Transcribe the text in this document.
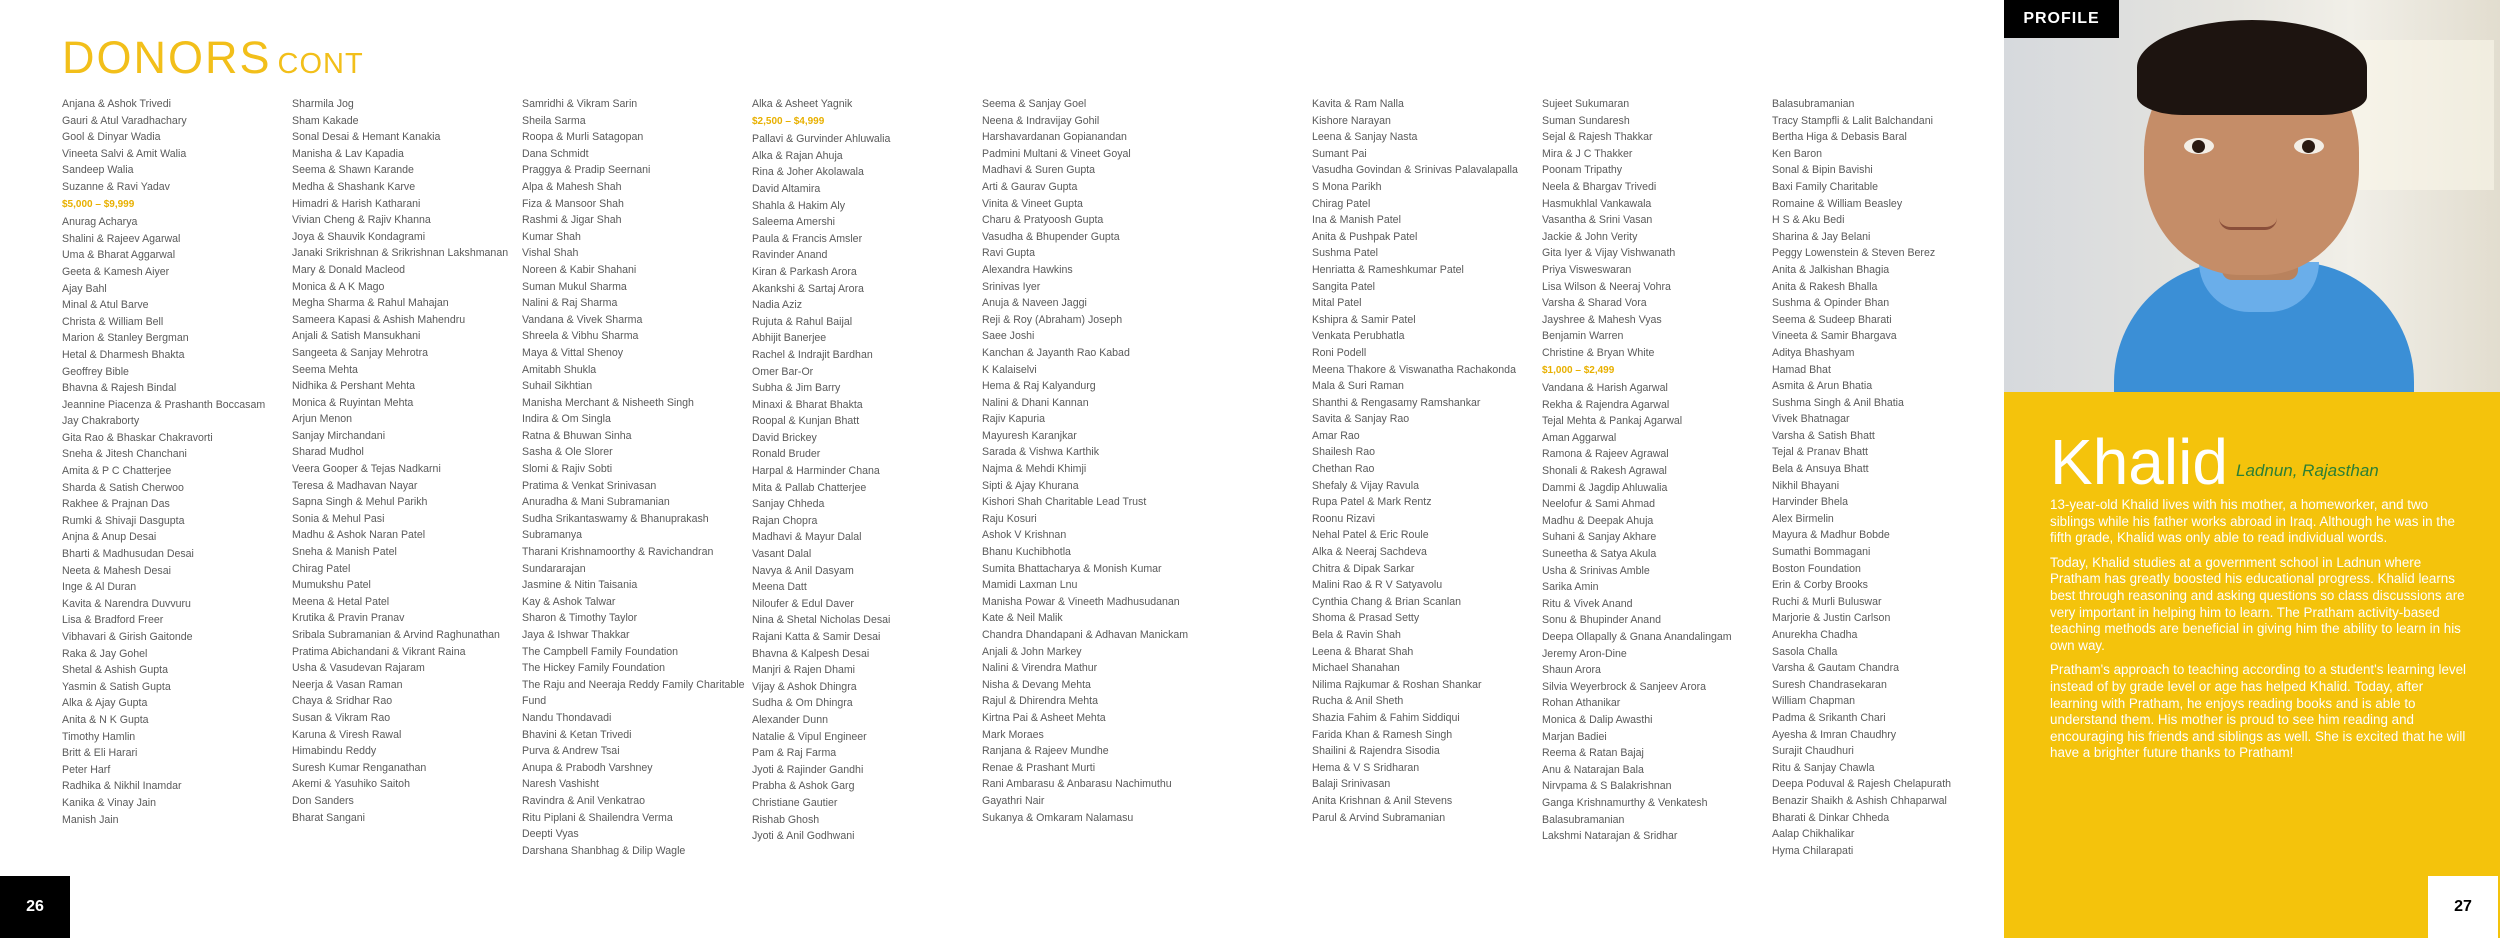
DONORS CONT
Anjana & Ashok Trivedi
Gauri & Atul Varadhachary
Gool & Dinyar Wadia
Vineeta Salvi & Amit Walia
Sandeep Walia
Suzanne & Ravi Yadav
$5,000 – $9,999
Anurag Acharya
Shalini & Rajeev Agarwal
Uma & Bharat Aggarwal
Geeta & Kamesh Aiyer
Ajay Bahl
Minal & Atul Barve
Christa & William Bell
Marion & Stanley Bergman
Hetal & Dharmesh Bhakta
Geoffrey Bible
Bhavna & Rajesh Bindal
Jeannine Piacenza & Prashanth Boccasam
Jay Chakraborty
Gita Rao & Bhaskar Chakravorti
Sneha & Jitesh Chanchani
Amita & P C Chatterjee
Sharda & Satish Cherwoo
Rakhee & Prajnan Das
Rumki & Shivaji Dasgupta
Anjna & Anup Desai
Bharti & Madhusudan Desai
Neeta & Mahesh Desai
Inge & Al Duran
Kavita & Narendra Duvvuru
Lisa & Bradford Freer
Vibhavari & Girish Gaitonde
Raka & Jay Gohel
Shetal & Ashish Gupta
Yasmin & Satish Gupta
Alka & Ajay Gupta
Anita & N K Gupta
Timothy Hamlin
Britt & Eli Harari
Peter Harf
Radhika & Nikhil Inamdar
Kanika & Vinay Jain
Manish Jain
Sharmila Jog
Sham Kakade
Sonal Desai & Hemant Kanakia
Manisha & Lav Kapadia
Seema & Shawn Karande
Medha & Shashank Karve
Himadri & Harish Katharani
Vivian Cheng & Rajiv Khanna
Joya & Shauvik Kondagrami
Janaki Srikrishnan & Srikrishnan Lakshmanan
Mary & Donald Macleod
Monica & A K Mago
Megha Sharma & Rahul Mahajan
Sameera Kapasi & Ashish Mahendru
Anjali & Satish Mansukhani
Sangeeta & Sanjay Mehrotra
Seema Mehta
Nidhika & Pershant Mehta
Monica & Ruyintan Mehta
Arjun Menon
Sanjay Mirchandani
Sharad Mudhol
Veera Gooper & Tejas Nadkarni
Teresa & Madhavan Nayar
Sapna Singh & Mehul Parikh
Sonia & Mehul Pasi
Madhu & Ashok Naran Patel
Sneha & Manish Patel
Chirag Patel
Mumukshu Patel
Meena & Hetal Patel
Krutika & Pravin Pranav
Sribala Subramanian & Arvind Raghunathan
Pratima Abichandani & Vikrant Raina
Usha & Vasudevan Rajaram
Neerja & Vasan Raman
Chaya & Sridhar Rao
Susan & Vikram Rao
Karuna & Viresh Rawal
Himabindu Reddy
Suresh Kumar Renganathan
Akemi & Yasuhiko Saitoh
Don Sanders
Bharat Sangani
Samridhi & Vikram Sarin
Sheila Sarma
Roopa & Murli Satagopan
Dana Schmidt
Praggya & Pradip Seernani
Alpa & Mahesh Shah
Fiza & Mansoor Shah
Rashmi & Jigar Shah
Kumar Shah
Vishal Shah
Noreen & Kabir Shahani
Suman Mukul Sharma
Nalini & Raj Sharma
Vandana & Vivek Sharma
Shreela & Vibhu Sharma
Maya & Vittal Shenoy
Amitabh Shukla
Suhail Sikhtian
Manisha Merchant & Nisheeth Singh
Indira & Om Singla
Ratna & Bhuwan Sinha
Sasha & Ole Slorer
Slomi & Rajiv Sobti
Pratima & Venkat Srinivasan
Anuradha & Mani Subramanian
Sudha Srikantaswamy & Bhanuprakash Subramanya
Tharani Krishnamoorthy & Ravichandran Sundararajan
Jasmine & Nitin Taisania
Kay & Ashok Talwar
Sharon & Timothy Taylor
Jaya & Ishwar Thakkar
The Campbell Family Foundation
The Hickey Family Foundation
The Raju and Neeraja Reddy Family Charitable Fund
Nandu Thondavadi
Bhavini & Ketan Trivedi
Purva & Andrew Tsai
Anupa & Prabodh Varshney
Naresh Vashisht
Ravindra & Anil Venkatrao
Ritu Piplani & Shailendra Verma
Deepti Vyas
Darshana Shanbhag & Dilip Wagle
Alka & Asheet Yagnik
$2,500 – $4,999
Pallavi & Gurvinder Ahluwalia
Alka & Rajan Ahuja
Rina & Joher Akolawala
David Altamira
Shahla & Hakim Aly
Saleema Amershi
Paula & Francis Amsler
Ravinder Anand
Kiran & Parkash Arora
Akankshi & Sartaj Arora
Nadia Aziz
Rujuta & Rahul Baijal
Abhijit Banerjee
Rachel & Indrajit Bardhan
Omer Bar-Or
Subha & Jim Barry
Minaxi & Bharat Bhakta
Roopal & Kunjan Bhatt
David Brickey
Ronald Bruder
Harpal & Harminder Chana
Mita & Pallab Chatterjee
Sanjay Chheda
Rajan Chopra
Madhavi & Mayur Dalal
Vasant Dalal
Navya & Anil Dasyam
Meena Datt
Niloufer & Edul Daver
Nina & Shetal Nicholas Desai
Rajani Katta & Samir Desai
Bhavna & Kalpesh Desai
Manjri & Rajen Dhami
Vijay & Ashok Dhingra
Sudha & Om Dhingra
Alexander Dunn
Natalie & Vipul Engineer
Pam & Raj Farma
Jyoti & Rajinder Gandhi
Prabha & Ashok Garg
Christiane Gautier
Rishab Ghosh
Jyoti & Anil Godhwani
Seema & Sanjay Goel
Neena & Indravijay Gohil
Harshavardanan Gopianandan
Padmini Multani & Vineet Goyal
Madhavi & Suren Gupta
Arti & Gaurav Gupta
Vinita & Vineet Gupta
Charu & Pratyoosh Gupta
Vasudha & Bhupender Gupta
Ravi Gupta
Alexandra Hawkins
Srinivas Iyer
Anuja & Naveen Jaggi
Reji & Roy (Abraham) Joseph
Saee Joshi
Kanchan & Jayanth Rao Kabad
K Kalaiselvi
Hema & Raj Kalyandurg
Nalini & Dhani Kannan
Rajiv Kapuria
Mayuresh Karanjkar
Sarada & Vishwa Karthik
Najma & Mehdi Khimji
Sipti & Ajay Khurana
Kishori Shah Charitable Lead Trust
Raju Kosuri
Ashok V Krishnan
Bhanu Kuchibhotla
Sumita Bhattacharya & Monish Kumar
Mamidi Laxman Lnu
Manisha Powar & Vineeth Madhusudanan
Kate & Neil Malik
Chandra Dhandapani & Adhavan Manickam
Anjali & John Markey
Nalini & Virendra Mathur
Nisha & Devang Mehta
Rajul & Dhirendra Mehta
Kirtna Pai & Asheet Mehta
Mark Moraes
Ranjana & Rajeev Mundhe
Renae & Prashant Murti
Rani Ambarasu & Anbarasu Nachimuthu
Gayathri Nair
Sukanya & Omkaram Nalamasu
Kavita & Ram Nalla
Kishore Narayan
Leena & Sanjay Nasta
Sumant Pai
Vasudha Govindan & Srinivas Palavalapalla
S Mona Parikh
Chirag Patel
Ina & Manish Patel
Anita & Pushpak Patel
Sushma Patel
Henriatta & Rameshkumar Patel
Sangita Patel
Mital Patel
Kshipra & Samir Patel
Venkata Perubhatla
Roni Podell
Meena Thakore & Viswanatha Rachakonda
Mala & Suri Raman
Shanthi & Rengasamy Ramshankar
Savita & Sanjay Rao
Amar Rao
Shailesh Rao
Chethan Rao
Shefaly & Vijay Ravula
Rupa Patel & Mark Rentz
Roonu Rizavi
Nehal Patel & Eric Roule
Alka & Neeraj Sachdeva
Chitra & Dipak Sarkar
Malini Rao & R V Satyavolu
Cynthia Chang & Brian Scanlan
Shoma & Prasad Setty
Bela & Ravin Shah
Leena & Bharat Shah
Michael Shanahan
Nilima Rajkumar & Roshan Shankar
Rucha & Anil Sheth
Shazia Fahim & Fahim Siddiqui
Farida Khan & Ramesh Singh
Shailini & Rajendra Sisodia
Hema & V S Sridharan
Balaji Srinivasan
Anita Krishnan & Anil Stevens
Parul & Arvind Subramanian
Sujeet Sukumaran
Suman Sundaresh
Sejal & Rajesh Thakkar
Mira & J C Thakker
Poonam Tripathy
Neela & Bhargav Trivedi
Hasmukhlal Vankawala
Vasantha & Srini Vasan
Jackie & John Verity
Gita Iyer & Vijay Vishwanath
Priya Visweswaran
Lisa Wilson & Neeraj Vohra
Varsha & Sharad Vora
Jayshree & Mahesh Vyas
Benjamin Warren
Christine & Bryan White
$1,000 – $2,499
Vandana & Harish Agarwal
Rekha & Rajendra Agarwal
Tejal Mehta & Pankaj Agarwal
Aman Aggarwal
Ramona & Rajeev Agrawal
Shonali & Rakesh Agrawal
Dammi & Jagdip Ahluwalia
Neelofur & Sami Ahmad
Madhu & Deepak Ahuja
Suhani & Sanjay Akhare
Suneetha & Satya Akula
Usha & Srinivas Amble
Sarika Amin
Ritu & Vivek Anand
Sonu & Bhupinder Anand
Deepa Ollapally & Gnana Anandalingam
Jeremy Aron-Dine
Shaun Arora
Silvia Weyerbrock & Sanjeev Arora
Rohan Athanikar
Monica & Dalip Awasthi
Marjan Badiei
Reema & Ratan Bajaj
Anu & Natarajan Bala
Nirvpama & S Balakrishnan
Ganga Krishnamurthy & Venkatesh Balasubramanian
Lakshmi Natarajan & Sridhar
Balasubramanian
Tracy Stampfli & Lalit Balchandani
Bertha Higa & Debasis Baral
Ken Baron
Sonal & Bipin Bavishi
Baxi Family Charitable
Romaine & William Beasley
H S & Aku Bedi
Sharina & Jay Belani
Peggy Lowenstein & Steven Berez
Anita & Jalkishan Bhagia
Anita & Rakesh Bhalla
Sushma & Opinder Bhan
Seema & Sudeep Bharati
Vineeta & Samir Bhargava
Aditya Bhashyam
Hamad Bhat
Asmita & Arun Bhatia
Sushma Singh & Anil Bhatia
Vivek Bhatnagar
Varsha & Satish Bhatt
Tejal & Pranav Bhatt
Bela & Ansuya Bhatt
Nikhil Bhayani
Harvinder Bhela
Alex Birmelin
Mayura & Madhur Bobde
Sumathi Bommagani
Boston Foundation
Erin & Corby Brooks
Ruchi & Murli Buluswar
Marjorie & Justin Carlson
Anurekha Chadha
Sasola Challa
Varsha & Gautam Chandra
Suresh Chandrasekaran
William Chapman
Padma & Srikanth Chari
Ayesha & Imran Chaudhry
Surajit Chaudhuri
Ritu & Sanjay Chawla
Deepa Poduval & Rajesh Chelapurath
Benazir Shaikh & Ashish Chhaparwal
Bharati & Dinkar Chheda
Aalap Chikhalikar
Hyma Chilarapati
26
PROFILE
Khalid Ladnun, Rajasthan

13-year-old Khalid lives with his mother, a homeworker, and two siblings while his father works abroad in Iraq. Although he was in the fifth grade, Khalid was only able to read individual words.

Today, Khalid studies at a government school in Ladnun where Pratham has greatly boosted his educational progress. Khalid learns best through reasoning and asking questions so class discussions are very important in helping him to learn. The Pratham activity-based teaching methods are beneficial in giving him the ability to learn in his own way.

Pratham's approach to teaching according to a student's learning level instead of by grade level or age has helped Khalid. Today, after learning with Pratham, he enjoys reading books and is able to understand them. His mother is proud to see him reading and encouraging his friends and siblings as well. She is excited that he will have a brighter future thanks to Pratham!

27
